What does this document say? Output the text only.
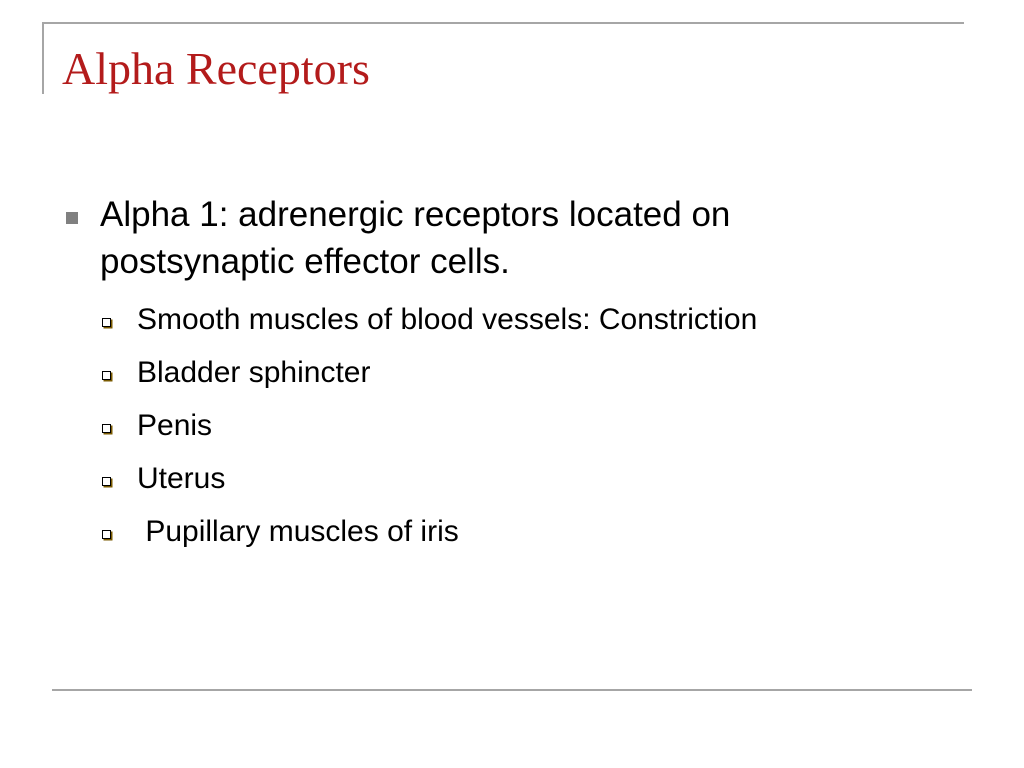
Alpha Receptors
Alpha 1: adrenergic receptors located on postsynaptic effector cells.
Smooth muscles of blood vessels: Constriction
Bladder sphincter
Penis
Uterus
Pupillary muscles of iris
